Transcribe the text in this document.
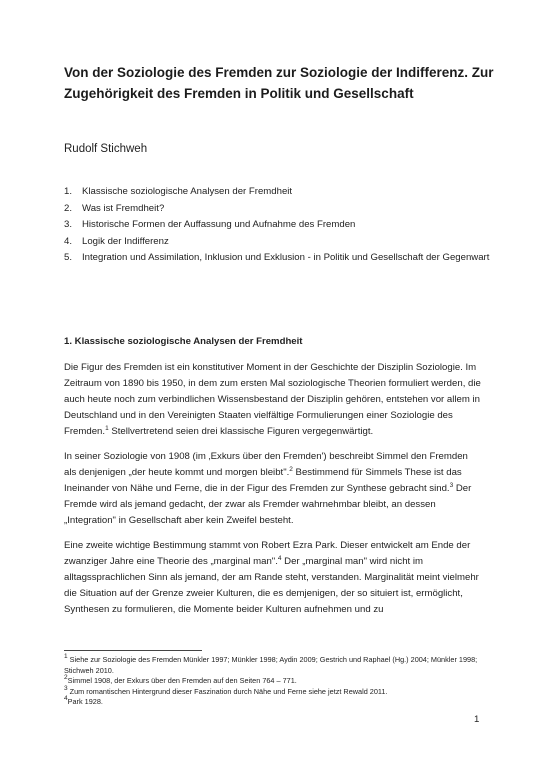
Von der Soziologie des Fremden zur Soziologie der Indifferenz. Zur Zugehörigkeit des Fremden in Politik und Gesellschaft
Rudolf Stichweh
1.	Klassische soziologische Analysen der Fremdheit
2.	Was ist Fremdheit?
3.	Historische Formen der Auffassung und Aufnahme des Fremden
4.	Logik der Indifferenz
5.	Integration und Assimilation, Inklusion und Exklusion - in Politik und Gesellschaft der Gegenwart
1. Klassische soziologische Analysen der Fremdheit

Die Figur des Fremden ist ein konstitutiver Moment in der Geschichte der Disziplin Soziologie. Im Zeitraum von 1890 bis 1950, in dem zum ersten Mal soziologische Theorien formuliert werden, die auch heute noch zum verbindlichen Wissensbestand der Disziplin gehören, entstehen vor allem in Deutschland und in den Vereinigten Staaten vielfältige Formulierungen einer Soziologie des Fremden.$^1$ Stellvertretend seien drei klassische Figuren vergegenwärtigt.

In seiner Soziologie von 1908 (im ‚Exkurs über den Fremden') beschreibt Simmel den Fremden als denjenigen „der heute kommt und morgen bleibt".$^2$ Bestimmend für Simmels These ist das Ineinander von Nähe und Ferne, die in der Figur des Fremden zur Synthese gebracht sind.$^3$ Der Fremde wird als jemand gedacht, der zwar als Fremder wahrnehmbar bleibt, an dessen „Integration" in Gesellschaft aber kein Zweifel besteht.

Eine zweite wichtige Bestimmung stammt von Robert Ezra Park. Dieser entwickelt am Ende der zwanziger Jahre eine Theorie des „marginal man".$^4$ Der „marginal man" wird nicht im alltagssprachlichen Sinn als jemand, der am Rande steht, verstanden. Marginalität meint vielmehr die Situation auf der Grenze zweier Kulturen, die es demjenigen, der so situiert ist, ermöglicht, Synthesen zu formulieren, die Momente beider Kulturen aufnehmen und zu

$^1$ Siehe zur Soziologie des Fremden Münkler 1997; Münkler 1998; Aydin 2009; Gestrich und Raphael (Hg.) 2004; Münkler 1998; Stichweh 2010.
$^2$Simmel 1908, der Exkurs über den Fremden auf den Seiten 764 – 771.
$^3$ Zum romantischen Hintergrund dieser Faszination durch Nähe und Ferne siehe jetzt Rewald 2011.
$^4$Park 1928.
1
